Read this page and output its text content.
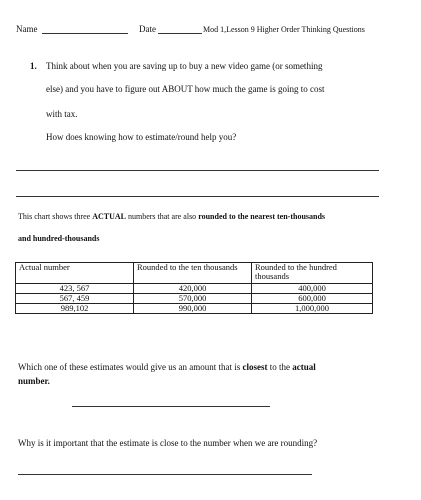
Name	Date	Mod 1,Lesson 9 Higher Order Thinking Questions
1. Think about when you are saving up to buy a new video game (or something
else) and you have to figure out ABOUT how much the game is going to cost
with tax.
How does knowing how to estimate/round help you?
This chart shows three ACTUAL numbers that are also rounded to the nearest ten-thousands
and hundred-thousands
Actual number	Rounded to the ten thousands	Rounded to the hundred thousands
423, 567	420,000	400,000
567, 459	570,000	600,000
989,102	990,000	1,000,000
Which one of these estimates would give us an amount that is closest to the actual
number.
Why is it important that the estimate is close to the number when we are rounding?
